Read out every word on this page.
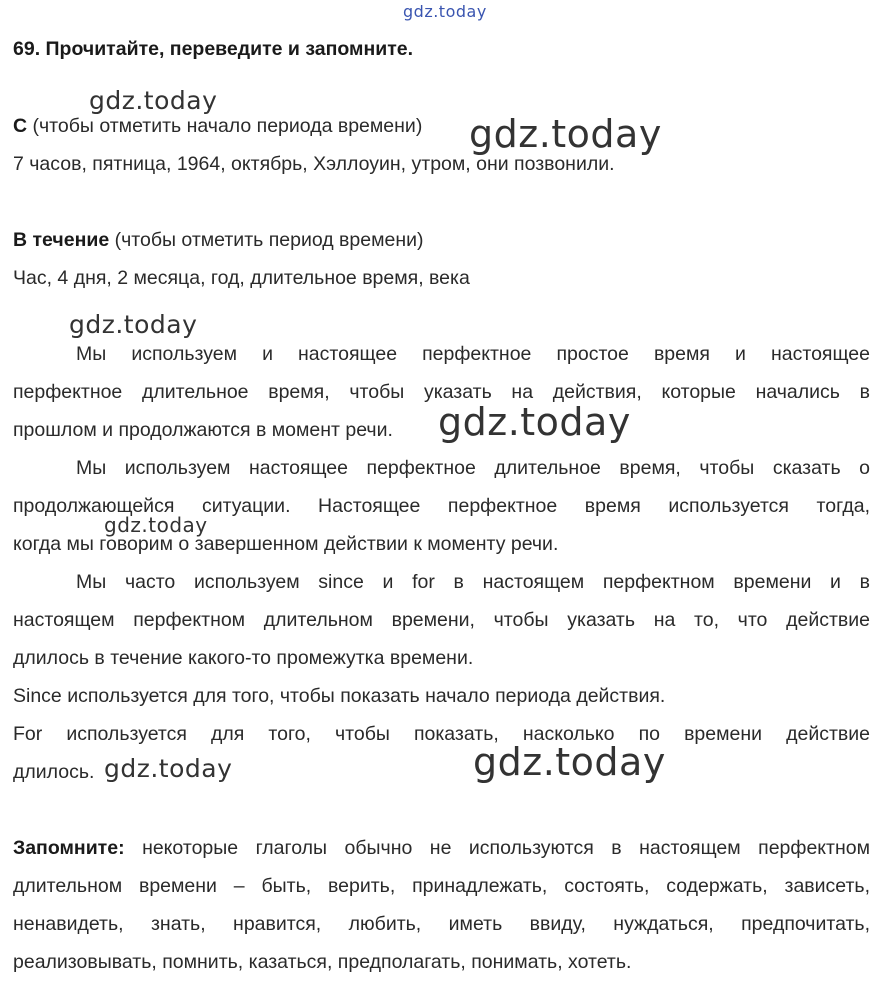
gdz.today
gdz.today
gdz.today
gdz.today
gdz.today
gdz.today
gdz.today	gdz.today
69. Прочитайте, переведите и запомните.
С (чтобы отметить начало периода времени)
7 часов, пятница, 1964, октябрь, Хэллоуин, утром, они позвонили.
В течение (чтобы отметить период времени)
Час, 4 дня, 2 месяца, год, длительное время, века
Мы используем и настоящее перфектное простое время и настоящее
перфектное длительное время, чтобы указать на действия, которые начались в
прошлом и продолжаются в момент речи.
Мы используем настоящее перфектное длительное время, чтобы сказать о
продолжающейся ситуации. Настоящее перфектное время используется тогда,
когда мы говорим о завершенном действии к моменту речи.
Мы часто используем since и for в настоящем перфектном времени и в
настоящем перфектном длительном времени, чтобы указать на то, что действие
длилось в течение какого-то промежутка времени.
Since используется для того, чтобы показать начало периода действия.
For используется для того, чтобы показать, насколько по времени действие
длилось.
Запомните: некоторые глаголы обычно не используются в настоящем перфектном
длительном времени – быть, верить, принадлежать, состоять, содержать, зависеть,
ненавидеть, знать, нравится, любить, иметь ввиду, нуждаться, предпочитать,
реализовывать, помнить, казаться, предполагать, понимать, хотеть.
